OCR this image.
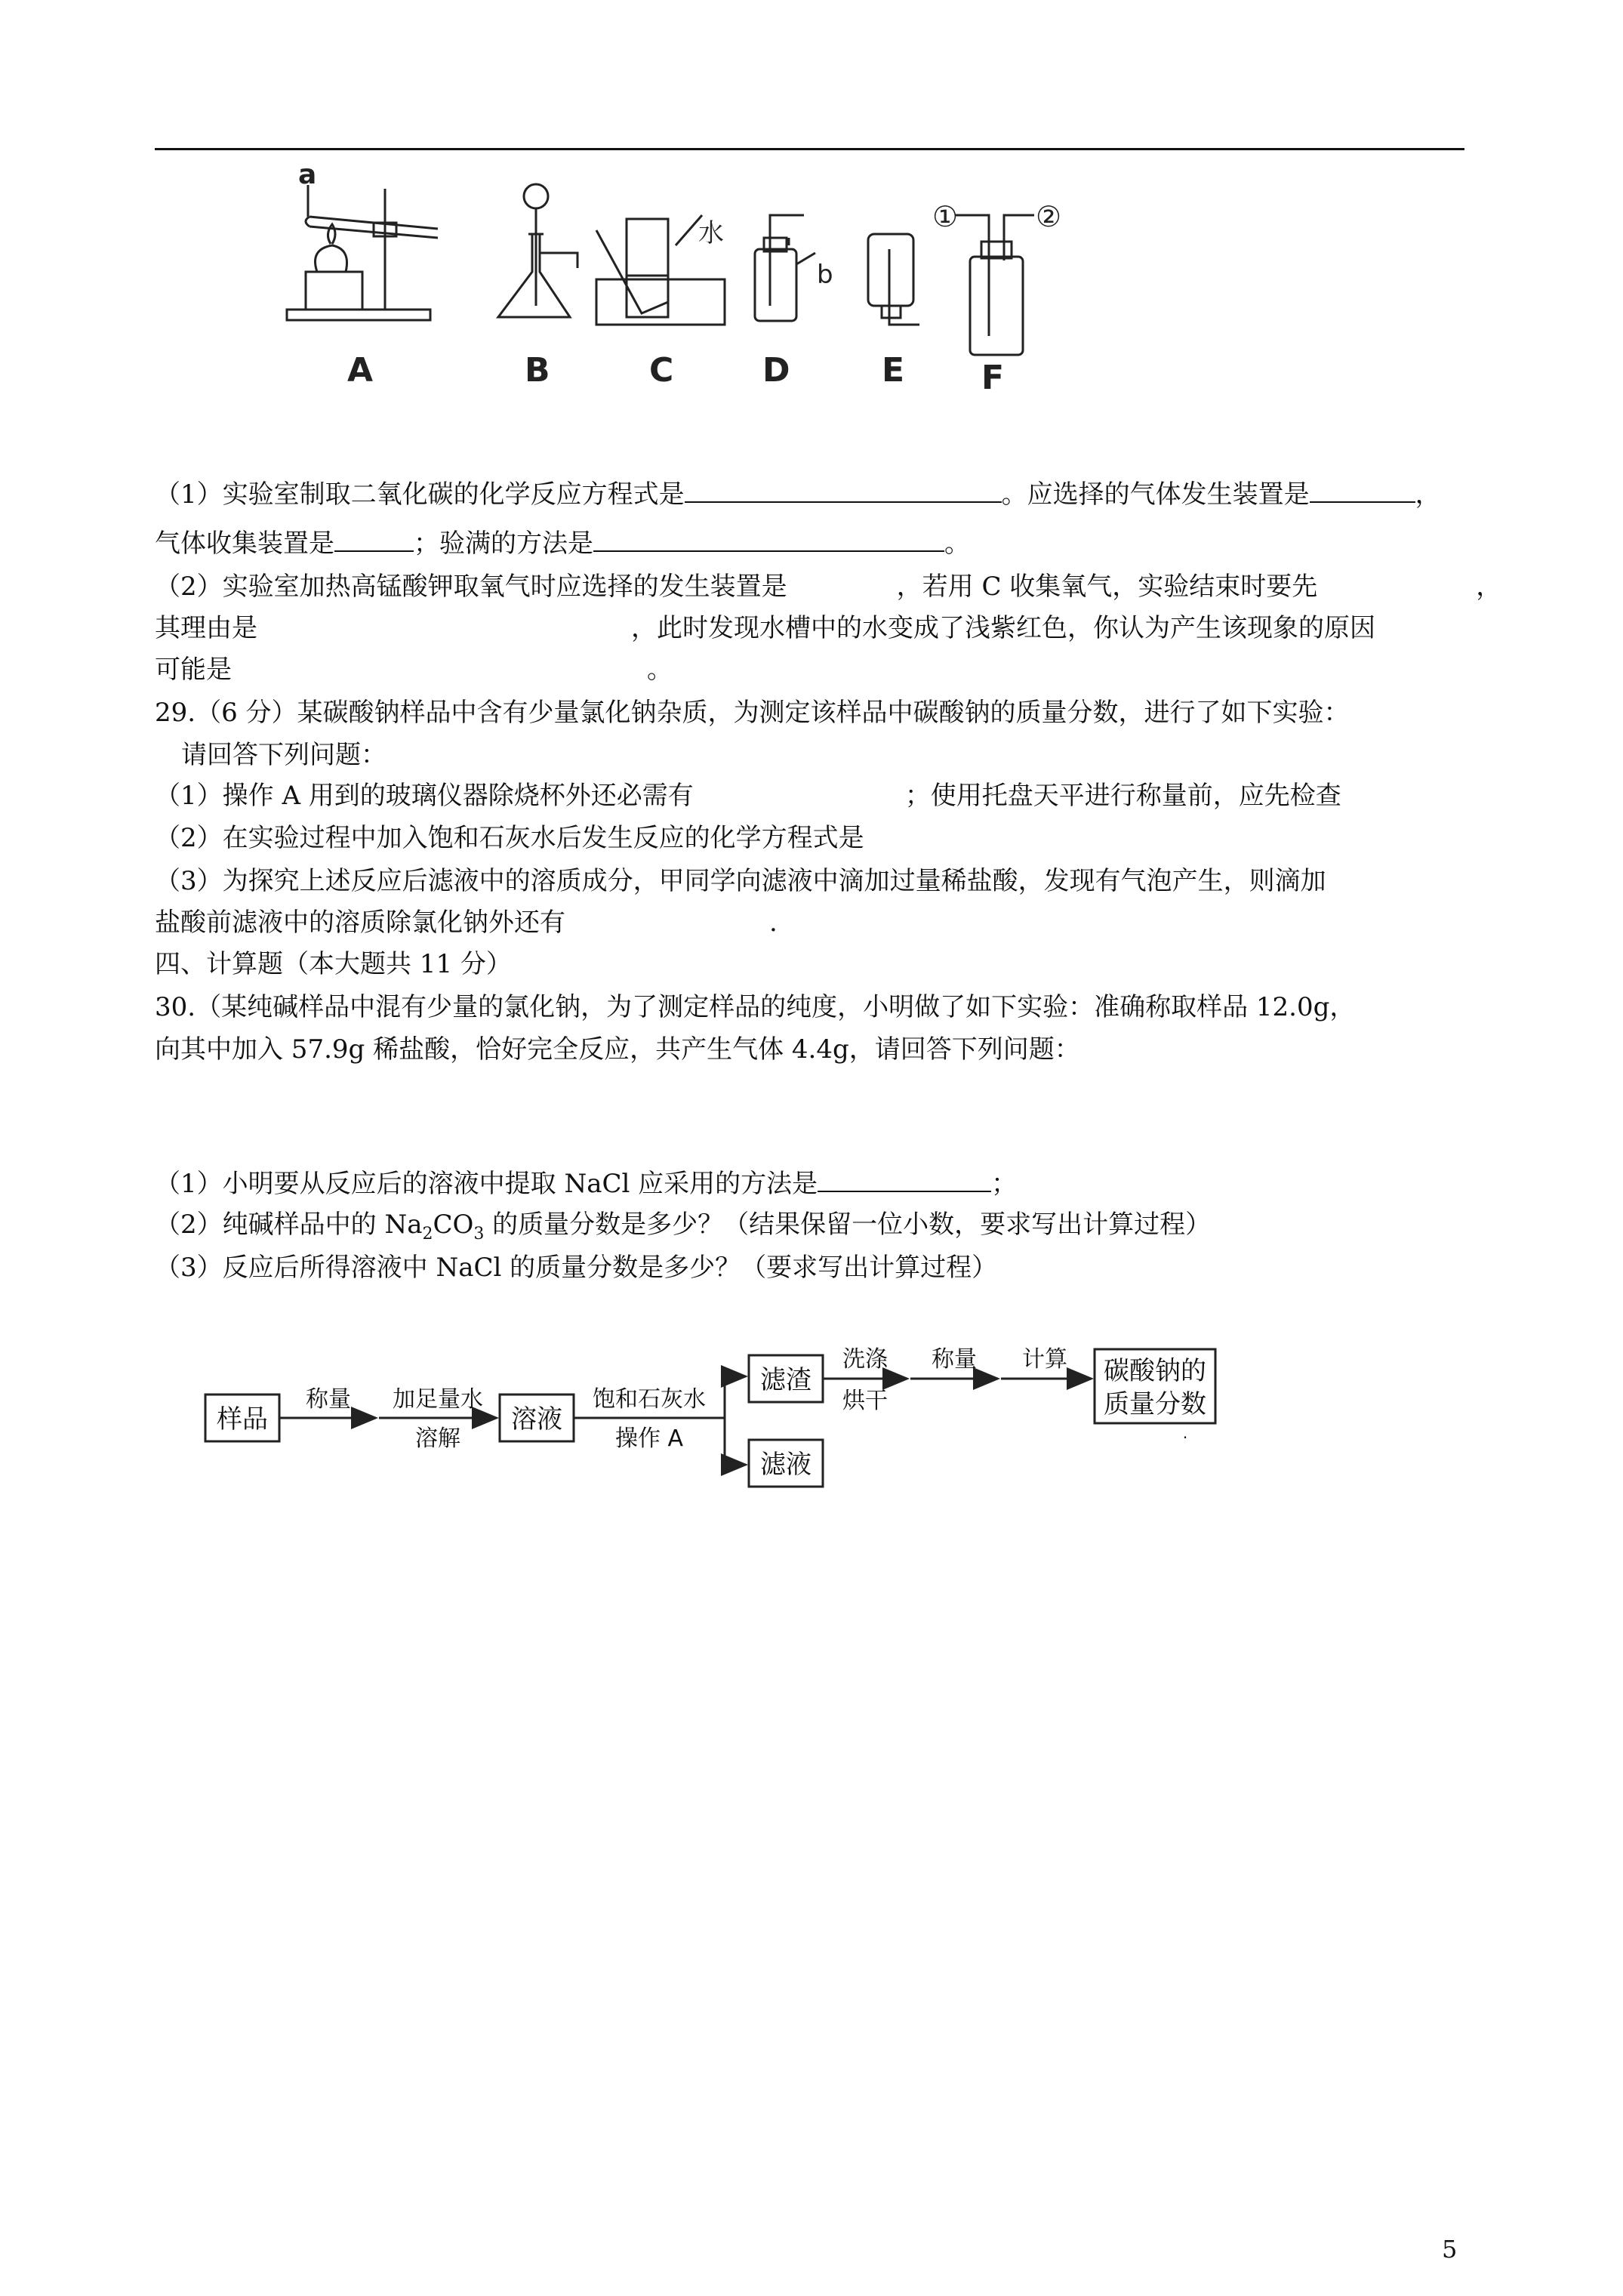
A	B	C	D	E F
a
水
b
①	②
（1）实验室制取二氧化碳的化学反应方程式是	。应选择的气体发生装置是	，
气体收集装置是	；验满的方法是	。
（2）实验室加热高锰酸钾取氧气时应选择的发生装置是	，若用 C 收集氧气，实验结束时要先	，
其理由是	，此时发现水槽中的水变成了浅紫红色，你认为产生该现象的原因
可能是	。
29.（6 分）某碳酸钠样品中含有少量氯化钠杂质，为测定该样品中碳酸钠的质量分数，进行了如下实验：
请回答下列问题：
（1）操作 A 用到的玻璃仪器除烧杯外还必需有	；使用托盘天平进行称量前，应先检查
（2）在实验过程中加入饱和石灰水后发生反应的化学方程式是
（3）为探究上述反应后滤液中的溶质成分，甲同学向滤液中滴加过量稀盐酸，发现有气泡产生，则滴加
盐酸前滤液中的溶质除氯化钠外还有	.
四、计算题（本大题共 11 分）
30.（某纯碱样品中混有少量的氯化钠，为了测定样品的纯度，小明做了如下实验：准确称取样品 12.0g，
向其中加入 57.9g 稀盐酸，恰好完全反应，共产生气体 4.4g，请回答下列问题：
（1）小明要从反应后的溶液中提取 NaCl 应采用的方法是	；
（2）纯碱样品中的 $Na_2CO_3$ 的质量分数是多少？（结果保留一位小数，要求写出计算过程）
（3）反应后所得溶液中 NaCl 的质量分数是多少？（要求写出计算过程）
样品
称量 加足量水
溶解
溶液
饱和石灰水
操作 A
滤渣
滤液
洗涤
烘干
称量 计算 碳酸钠的
质量分数
.
5
